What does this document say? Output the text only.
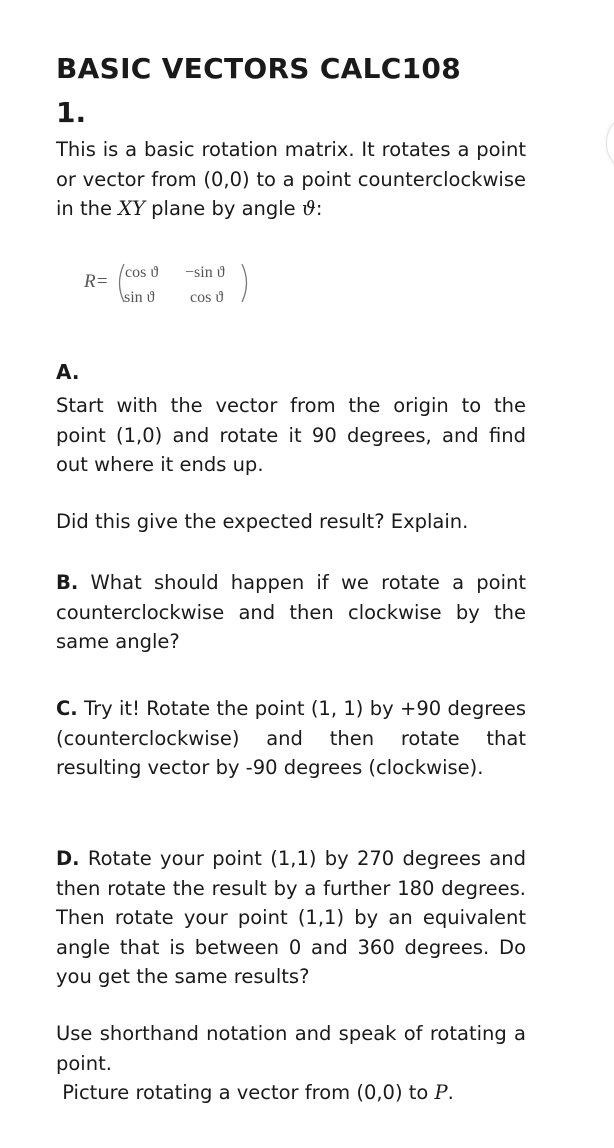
BASIC VECTORS CALC108
1.

This is a basic rotation matrix. It rotates a point or vector from (0,0) to a point counterclockwise in the XY plane by angle ϑ:

R= cos ϑ −sin ϑ
sin ϑ cos ϑ
A.

Start with the vector from the origin to the point (1,0) and rotate it 90 degrees, and find out where it ends up.

Did this give the expected result? Explain.

B. What should happen if we rotate a point counterclockwise and then clockwise by the same angle?

C. Try it! Rotate the point (1, 1) by +90 degrees (counterclockwise) and then rotate that resulting vector by -90 degrees (clockwise).

D. Rotate your point (1,1) by 270 degrees and then rotate the result by a further 180 degrees. Then rotate your point (1,1) by an equivalent angle that is between 0 and 360 degrees. Do you get the same results?

Use shorthand notation and speak of rotating a point.

Picture rotating a vector from (0,0) to P.
